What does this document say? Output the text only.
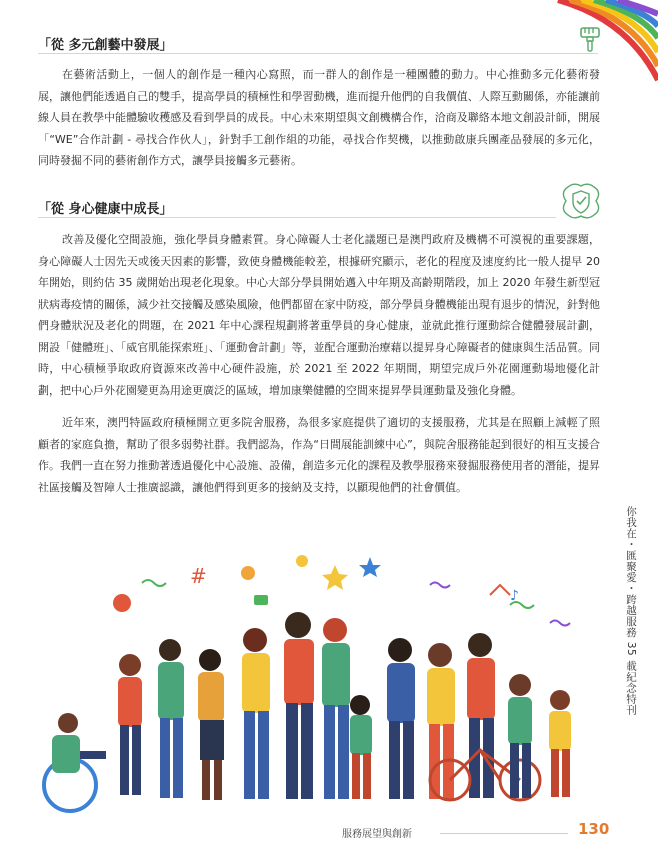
「從 多元創藝中發展」

在藝術活動上，一個人的創作是一種內心寫照，而一群人的創作是一種團體的動力。中心推動多元化藝術發展，讓他們能透過自己的雙手，提高學員的積極性和學習動機，進而提升他們的自我價值、人際互動關係，亦能讓前線人員在教學中能體驗收穫感及看到學員的成長。中心未來期望與文創機構合作，洽商及聯絡本地文創設計師，開展「“WE”合作計劃 - 尋找合作伙人」，針對手工創作組的功能，尋找合作契機，以推動啟康兵團產品發展的多元化，同時發掘不同的藝術創作方式，讓學員接觸多元藝術。

「從 身心健康中成長」

改善及優化空間設施，強化學員身體素質。身心障礙人士老化議題已是澳門政府及機構不可漠視的重要課題，身心障礙人士因先天或後天因素的影響，致使身體機能較差，根據研究顯示，老化的程度及速度約比一般人提早 20 年開始，則約估 35 歲開始出現老化現象。中心大部分學員開始邁入中年期及高齡期階段，加上 2020 年發生新型冠狀病毒疫情的關係，減少社交接觸及感染風險，他們都留在家中防疫，部分學員身體機能出現有退步的情況，針對他們身體狀況及老化的問題，在 2021 年中心課程規劃將著重學員的身心健康，並就此推行運動綜合健體發展計劃，開設「健體班」、「威官肌能探索班」、「運動會計劃」等，並配合運動治療藉以提昇身心障礙者的健康與生活品質。同時，中心積極爭取政府資源來改善中心硬件設施，於 2021 至 2022 年期間，期望完成戶外花園運動場地優化計劃，把中心戶外花園變更為用途更廣泛的區域，增加康樂健體的空間來提昇學員運動量及強化身體。

近年來，澳門特區政府積極開立更多院舍服務，為很多家庭提供了適切的支援服務，尤其是在照顧上減輕了照顧者的家庭負擔，幫助了很多弱勢社群。我們認為，作為“日間展能訓練中心”，與院舍服務能起到很好的相互支援合作。我們一直在努力推動著透過優化中心設施、設備，創造多元化的課程及教學服務來發掘服務使用者的潛能，提昇社區接觸及智障人士推廣認識，讓他們得到更多的接納及支持，以顯現他們的社會價值。

你我在・匯聚愛・跨越服務 35 載紀念特刊
#
♪
服務展望與創新	130
